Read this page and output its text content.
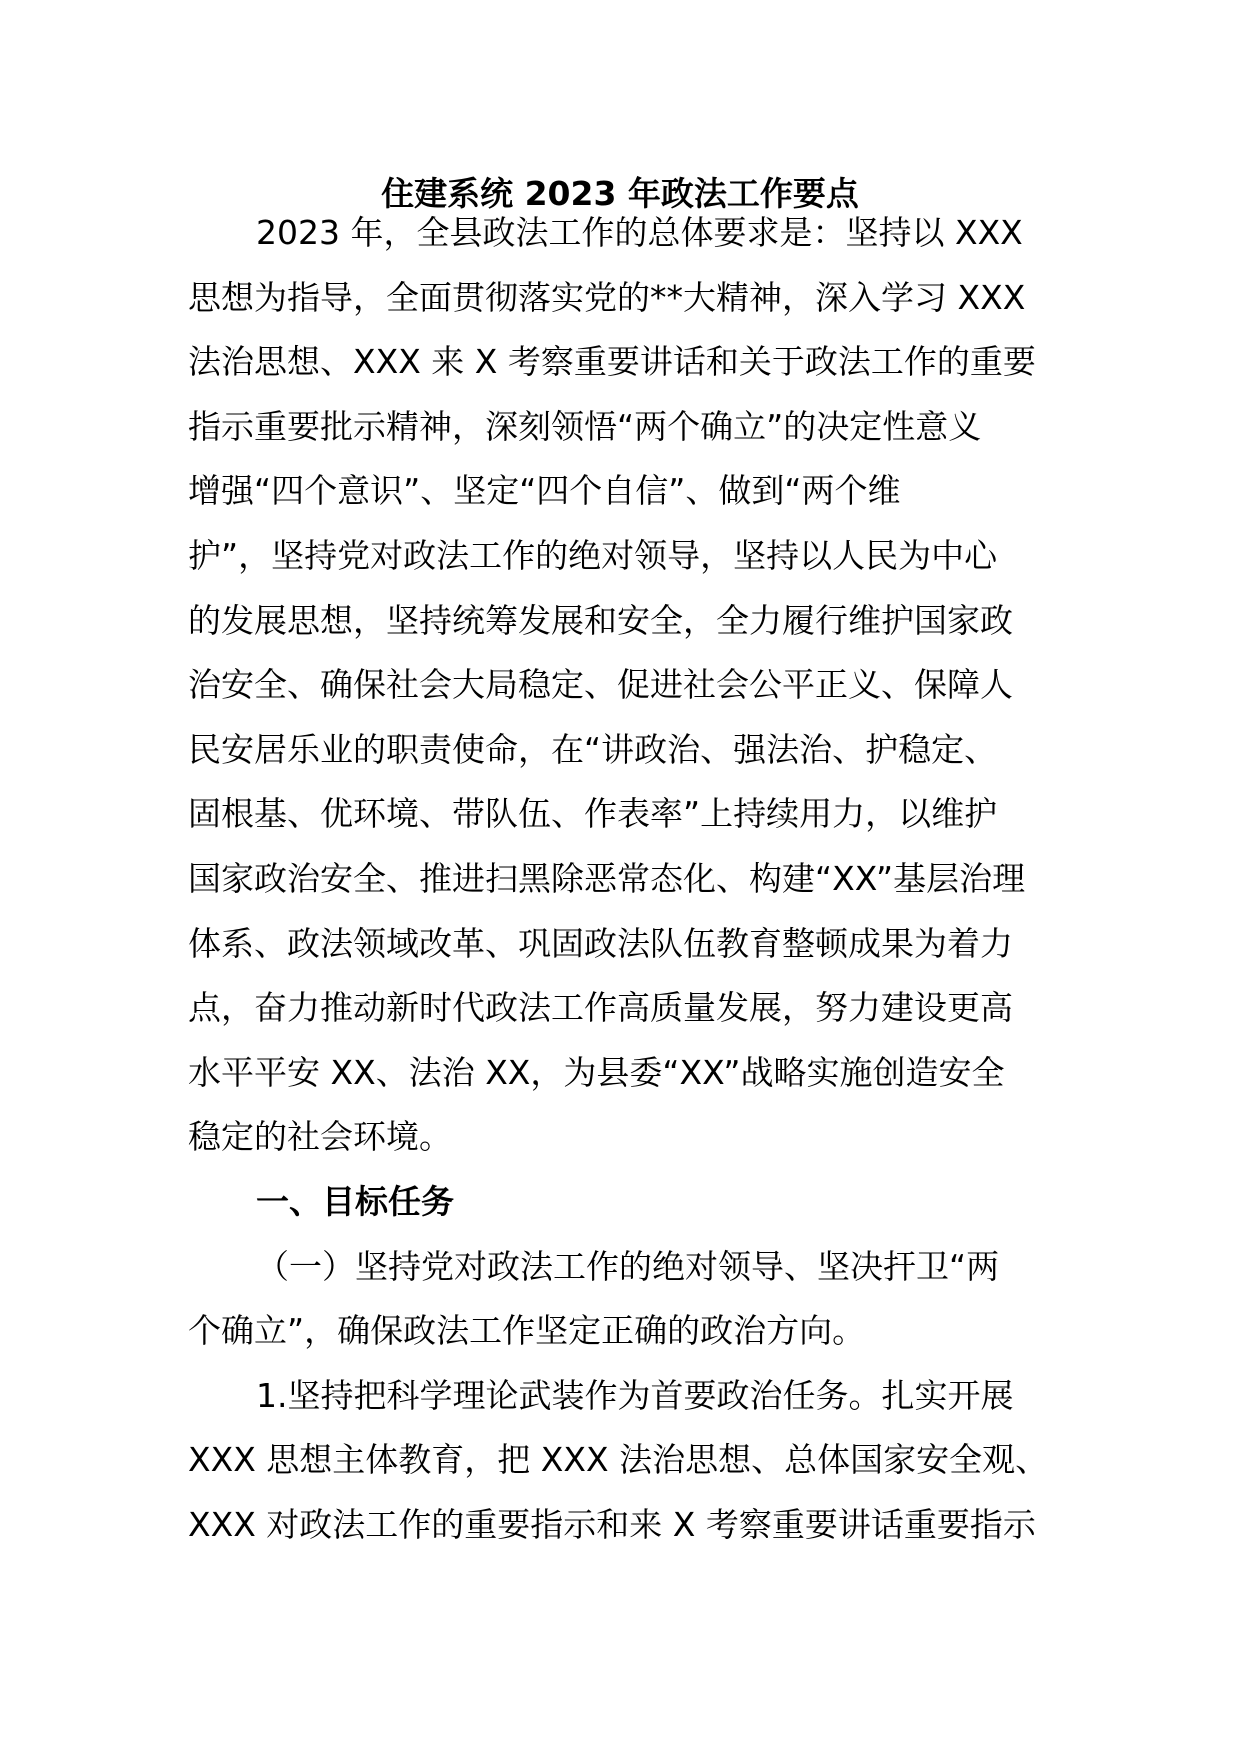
住建系统 2023 年政法工作要点
2023 年，全县政法工作的总体要求是：坚持以 XXX
思想为指导，全面贯彻落实党的**大精神，深入学习 XXX
法治思想、XXX 来 X 考察重要讲话和关于政法工作的重要
指示重要批示精神，深刻领悟“两个确立”的决定性意义
增强“四个意识”、坚定“四个自信”、做到“两个维
护”，坚持党对政法工作的绝对领导，坚持以人民为中心
的发展思想，坚持统筹发展和安全，全力履行维护国家政
治安全、确保社会大局稳定、促进社会公平正义、保障人
民安居乐业的职责使命，在“讲政治、强法治、护稳定、
固根基、优环境、带队伍、作表率”上持续用力，以维护
国家政治安全、推进扫黑除恶常态化、构建“XX”基层治理
体系、政法领域改革、巩固政法队伍教育整顿成果为着力
点，奋力推动新时代政法工作高质量发展，努力建设更高
水平平安 XX、法治 XX，为县委“XX”战略实施创造安全
稳定的社会环境。
一、目标任务
（一）坚持党对政法工作的绝对领导、坚决扞卫“两
个确立”，确保政法工作坚定正确的政治方向。
1.坚持把科学理论武装作为首要政治任务。扎实开展
XXX 思想主体教育，把 XXX 法治思想、总体国家安全观、
XXX 对政法工作的重要指示和来 X 考察重要讲话重要指示
